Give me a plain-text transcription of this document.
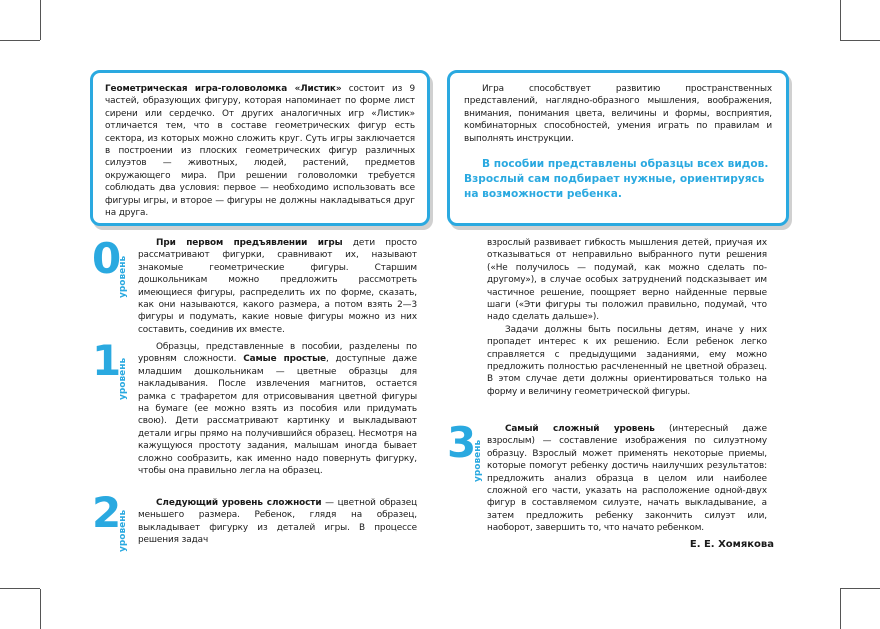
Геометрическая игра-головоломка «Листик» состоит из 9 частей, образующих фигуру, которая напоминает по форме лист сирени или сердечко. От других аналогичных игр «Листик» отличается тем, что в составе геометрических фигур есть сектора, из которых можно сложить круг. Суть игры заключается в построении из плоских геометрических фигур различных силуэтов — животных, людей, растений, предметов окружающего мира. При решении головоломки требуется соблюдать два условия: первое — необходимо использовать все фигуры игры, и второе — фигуры не должны накладываться друг на друга.

Игра способствует развитию пространственных представлений, наглядно-образного мышления, воображения, внимания, понимания цвета, величины и формы, восприятия, комбинаторных способностей, умения играть по правилам и выполнять инструкции.

В пособии представлены образцы всех видов. Взрослый сам подбирает нужные, ориентируясь на возможности ребенка.

0
уровень
1
уровень
2
уровень
3
уровень

При первом предъявлении игры дети просто рассматривают фигурки, сравнивают их, называют знакомые геометрические фигуры. Старшим дошкольникам можно предложить рассмотреть имеющиеся фигуры, распределить их по форме, сказать, как они называются, какого размера, а потом взять 2—3 фигуры и подумать, какие новые фигуры можно из них составить, соединив их вместе.

Образцы, представленные в пособии, разделены по уровням сложности. Самые простые, доступные даже младшим дошкольникам — цветные образцы для накладывания. После извлечения магнитов, остается рамка с трафаретом для отрисовывания цветной фигуры на бумаге (ее можно взять из пособия или придумать свою). Дети рассматривают картинку и выкладывают детали игры прямо на получившийся образец. Несмотря на кажущуюся простоту задания, малышам иногда бывает сложно сообразить, как именно надо повернуть фигурку, чтобы она правильно легла на образец.

Следующий уровень сложности — цветной образец меньшего размера. Ребенок, глядя на образец, выкладывает фигурку из деталей игры. В процессе решения задач

взрослый развивает гибкость мышления детей, приучая их отказываться от неправильно выбранного пути решения («Не получилось — подумай, как можно сделать по-другому»), в случае особых затруднений подсказывает им частичное решение, поощряет верно найденные первые шаги («Эти фигуры ты положил правильно, подумай, что надо сделать дальше»).

Задачи должны быть посильны детям, иначе у них пропадет интерес к их решению. Если ребенок легко справляется с предыдущими заданиями, ему можно предложить полностью расчлененный не цветной образец. В этом случае дети должны ориентироваться только на форму и величину геометрической фигуры.

Самый сложный уровень (интересный даже взрослым) — составление изображения по силуэтному образцу. Взрослый может применять некоторые приемы, которые помогут ребенку достичь наилучших результатов: предложить анализ образца в целом или наиболее сложной его части, указать на расположение одной-двух фигур в составляемом силуэте, начать выкладывание, а затем предложить ребенку закончить силуэт или, наоборот, завершить то, что начато ребенком.

Е. Е. Хомякова
